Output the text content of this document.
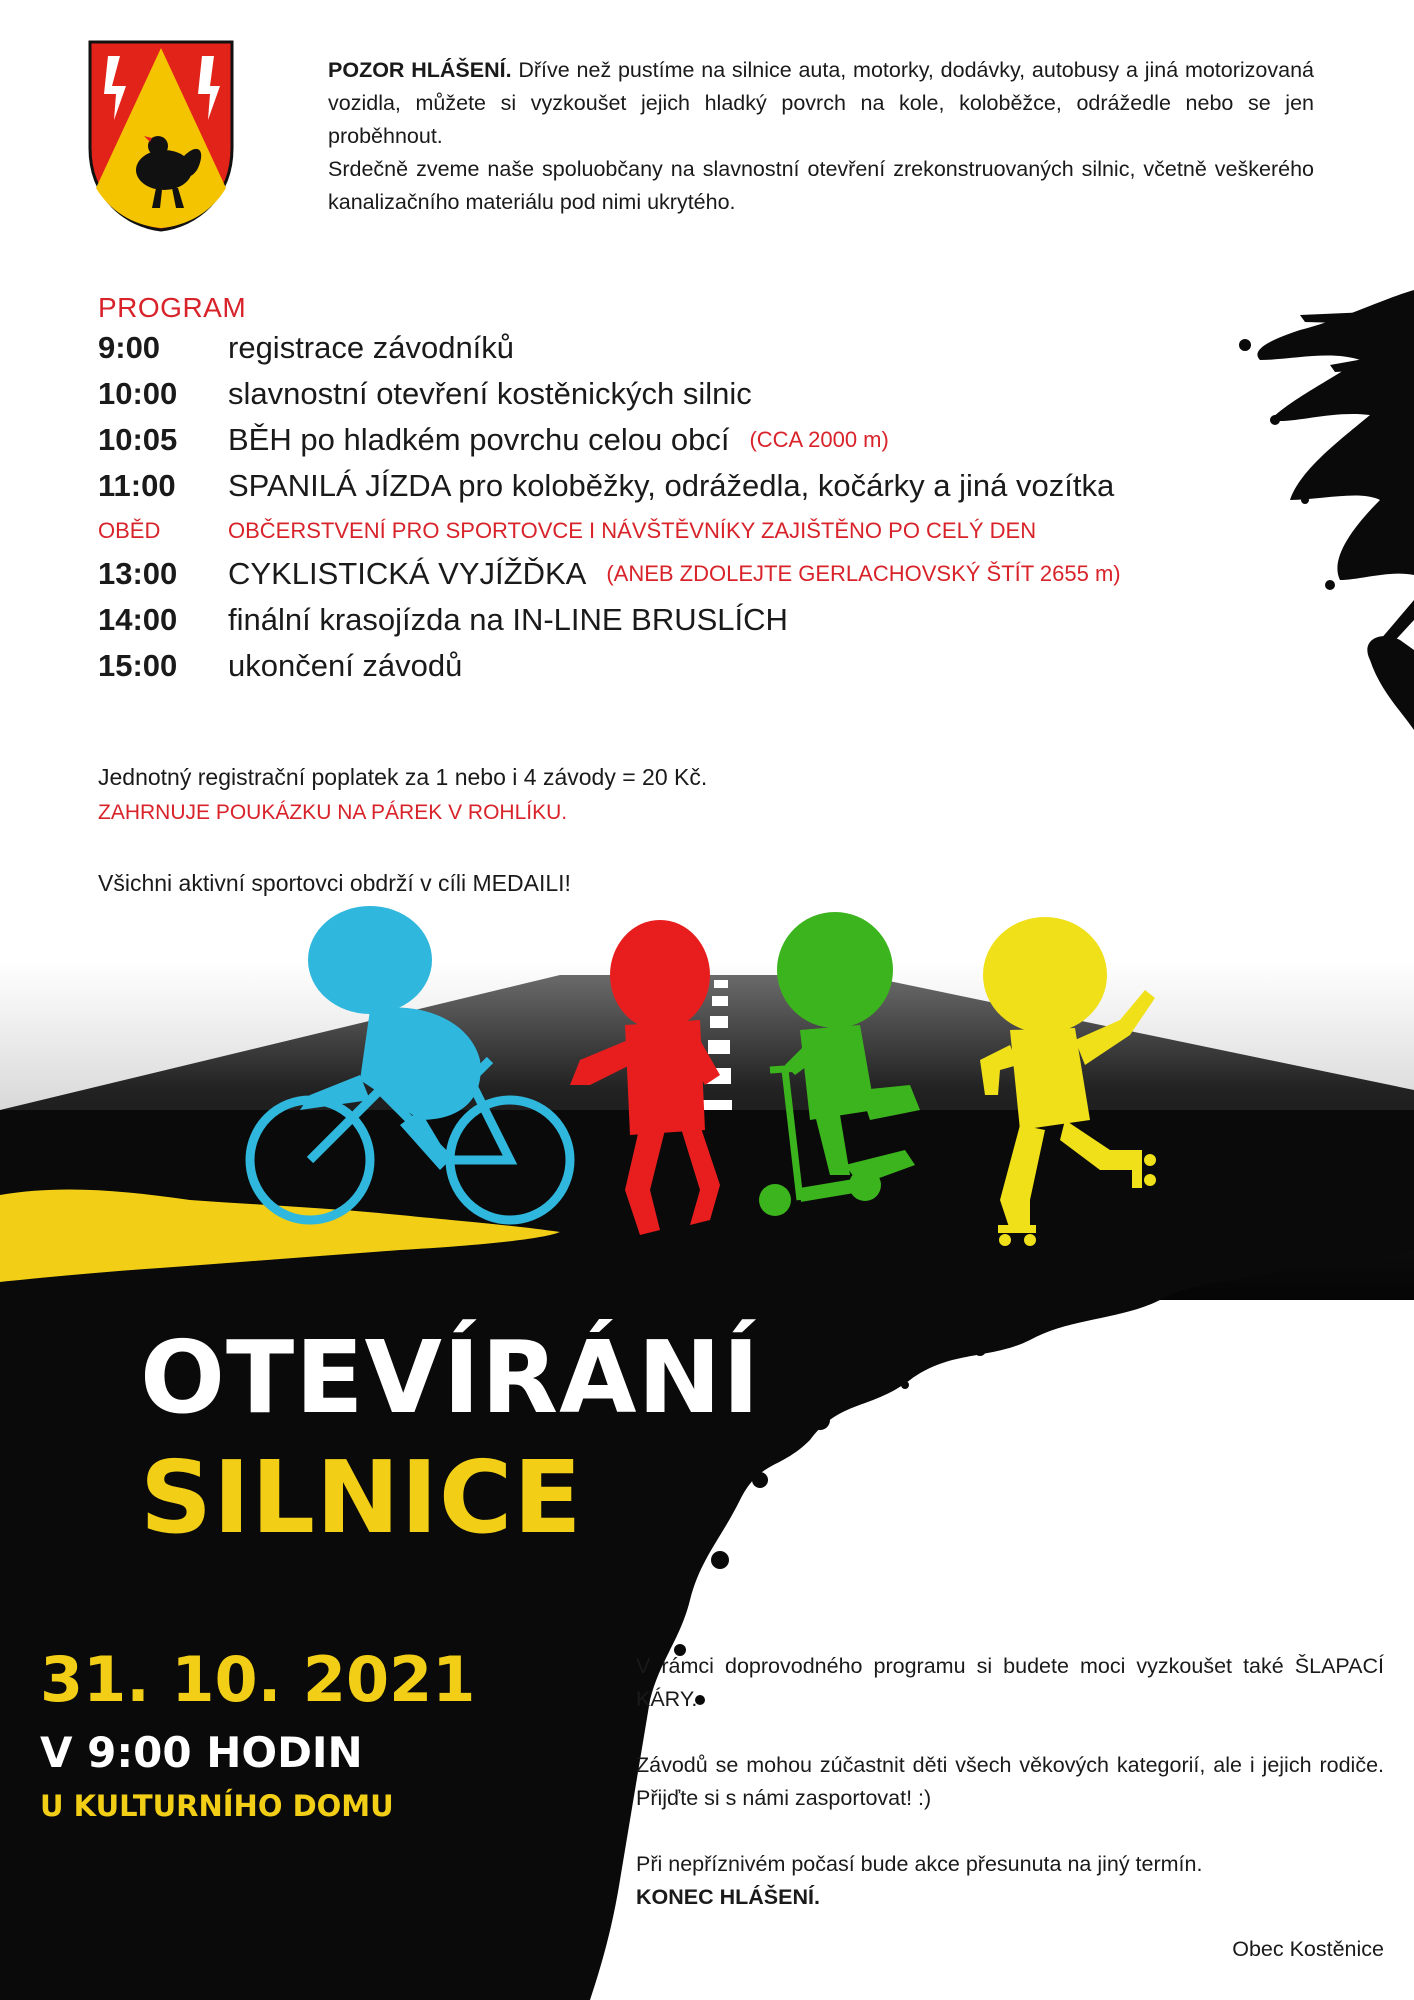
POZOR HLÁŠENÍ. Dříve než pustíme na silnice auta, motorky, dodávky, autobusy a jiná motorizovaná vozidla, můžete si vyzkoušet jejich hladký povrch na kole, koloběžce, odrážedle nebo se jen proběhnout.

Srdečně zveme naše spoluobčany na slavnostní otevření zrekonstruovaných silnic, včetně veškerého kanalizačního materiálu pod nimi ukrytého.

PROGRAM
9:00 registrace závodníků
10:00 slavnostní otevření kostěnických silnic
10:05 BĚH po hladkém povrchu celou obcí (CCA 2000 m)
11:00 SPANILÁ JÍZDA pro koloběžky, odrážedla, kočárky a jiná vozítka
OBĚD	OBČERSTVENÍ PRO SPORTOVCE I NÁVŠTĚVNÍKY ZAJIŠTĚNO PO CELÝ DEN
13:00 CYKLISTICKÁ VYJÍŽĎKA (ANEB ZDOLEJTE GERLACHOVSKÝ ŠTÍT 2655 m)
14:00 finální krasojízda na IN-LINE BRUSLÍCH
15:00 ukončení závodů
Jednotný registrační poplatek za 1 nebo i 4 závody = 20 Kč.
ZAHRNUJE POUKÁZKU NA PÁREK V ROHLÍKU.
Všichni aktivní sportovci obdrží v cíli MEDAILI!
OTEVÍRÁNÍ
SILNICE
31. 10. 2021
V 9:00 HODIN
U KULTURNÍHO DOMU

V rámci doprovodného programu si budete moci vyzkoušet také ŠLAPACÍ KÁRY.

Závodů se mohou zúčastnit děti všech věkových kategorií, ale i jejich rodiče. Přijďte si s námi zasportovat! :)

Při nepříznivém počasí bude akce přesunuta na jiný termín.
KONEC HLÁŠENÍ.

Obec Kostěnice
